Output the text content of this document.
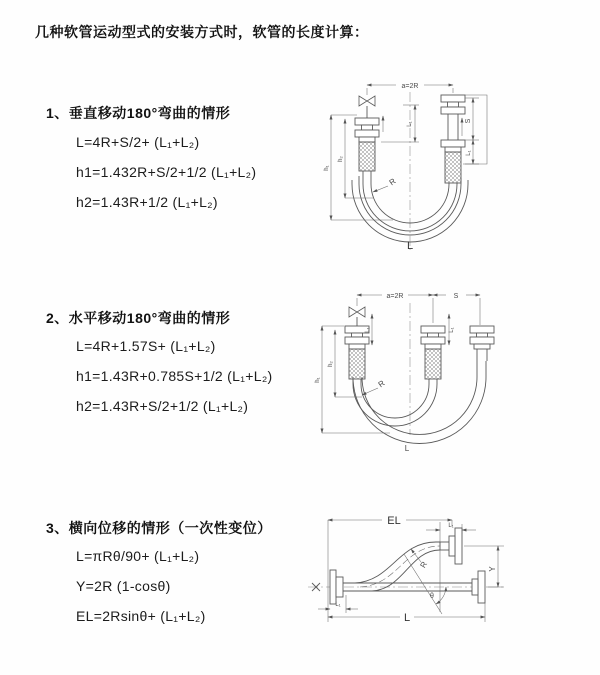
几种软管运动型式的安装方式时，软管的长度计算：
1、垂直移动180°弯曲的情形
L=4R+S/2+ (L₁+L₂)
h1=1.432R+S/2+1/2 (L₁+L₂)
h2=1.43R+1/2 (L₁+L₂)
a=2R
S
L₁
L₁
h₁
h₂
R
L
2、水平移动180°弯曲的情形
L=4R+1.57S+ (L₁+L₂)
h1=1.43R+0.785S+1/2 (L₁+L₂)
h2=1.43R+S/2+1/2 (L₁+L₂)
a=2R	S
L₁	L₁
h₁
h₂
R
L
3、横向位移的情形（一次性变位）
L=πRθ/90+ (L₁+L₂)
Y=2R (1-cosθ)
EL=2Rsinθ+ (L₁+L₂)
EL	L₁
Y
R
θ
L₁
L
